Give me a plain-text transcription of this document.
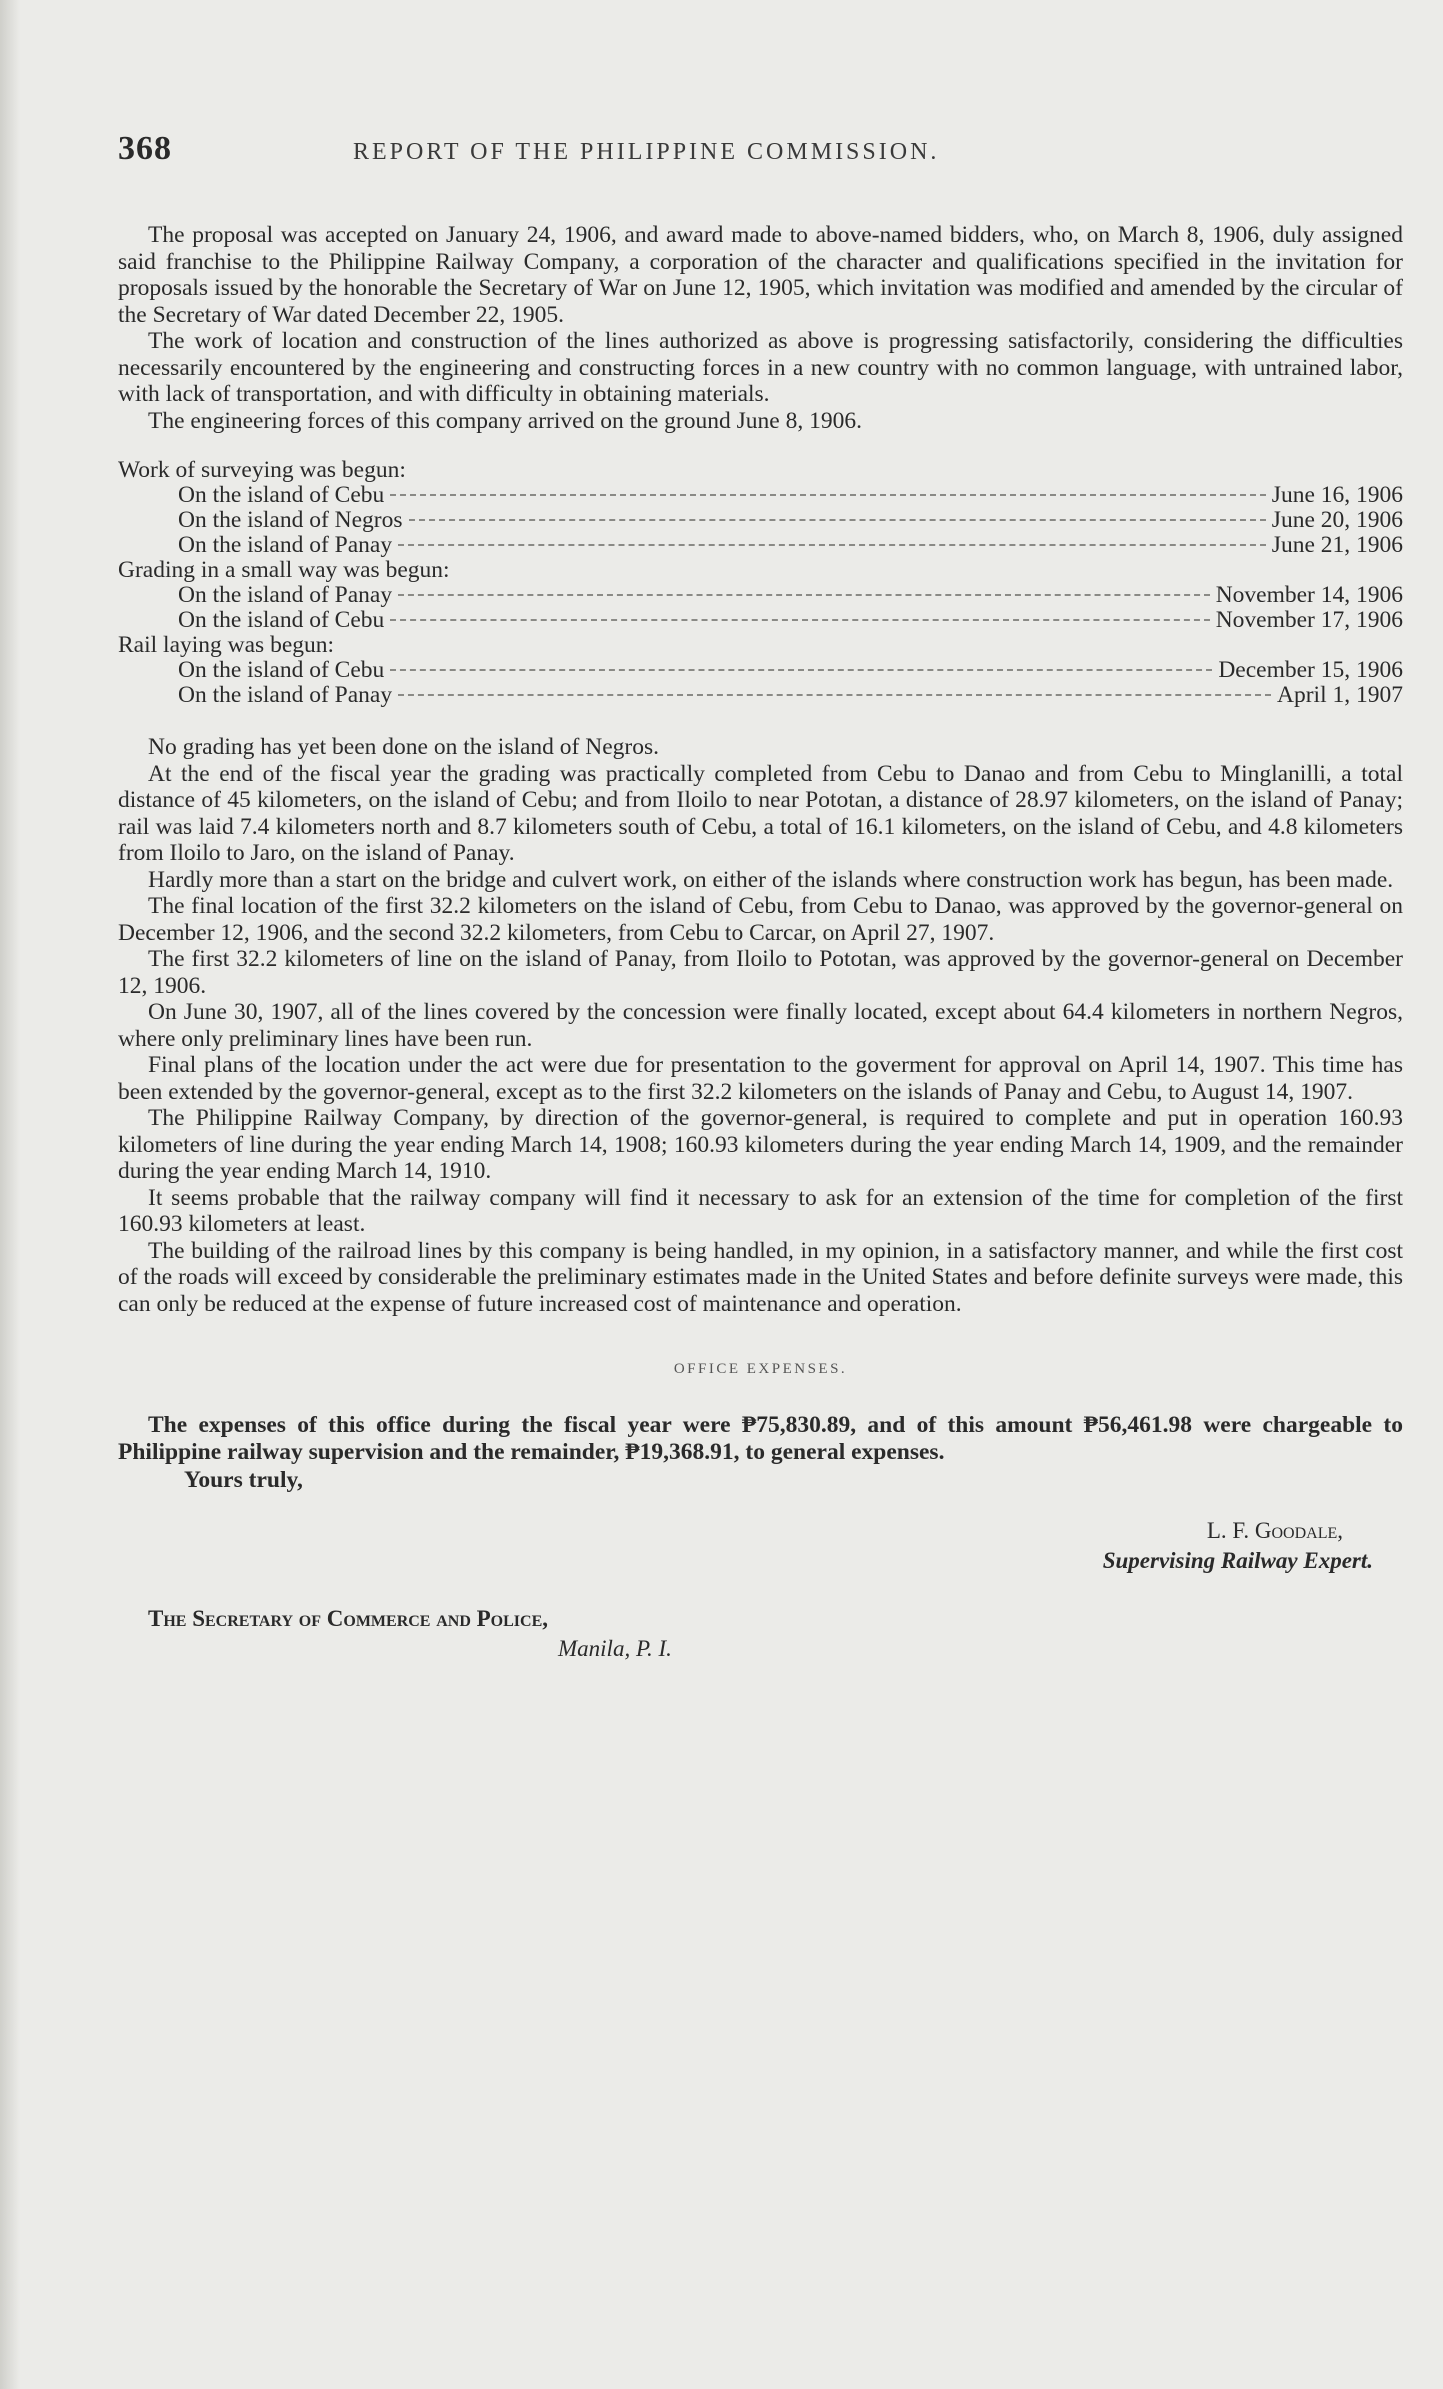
368	REPORT OF THE PHILIPPINE COMMISSION.

The proposal was accepted on January 24, 1906, and award made to above-named bidders, who, on March 8, 1906, duly assigned said franchise to the Philippine Railway Company, a corporation of the character and qualifications specified in the invitation for proposals issued by the honorable the Secretary of War on June 12, 1905, which invitation was modified and amended by the circular of the Secretary of War dated December 22, 1905.

The work of location and construction of the lines authorized as above is progressing satisfactorily, considering the difficulties necessarily encountered by the engineering and constructing forces in a new country with no common language, with untrained labor, with lack of transportation, and with difficulty in obtaining materials.

The engineering forces of this company arrived on the ground June 8, 1906.

Work of surveying was begun:
On the island of Cebu	June 16, 1906
On the island of Negros	June 20, 1906
On the island of Panay	June 21, 1906
Grading in a small way was begun:
On the island of Panay	November 14, 1906
On the island of Cebu	November 17, 1906
Rail laying was begun:
On the island of Cebu	December 15, 1906
On the island of Panay	April 1, 1907

No grading has yet been done on the island of Negros.

At the end of the fiscal year the grading was practically completed from Cebu to Danao and from Cebu to Minglanilli, a total distance of 45 kilometers, on the island of Cebu; and from Iloilo to near Pototan, a distance of 28.97 kilometers, on the island of Panay; rail was laid 7.4 kilometers north and 8.7 kilometers south of Cebu, a total of 16.1 kilometers, on the island of Cebu, and 4.8 kilometers from Iloilo to Jaro, on the island of Panay.

Hardly more than a start on the bridge and culvert work, on either of the islands where construction work has begun, has been made.

The final location of the first 32.2 kilometers on the island of Cebu, from Cebu to Danao, was approved by the governor-general on December 12, 1906, and the second 32.2 kilometers, from Cebu to Carcar, on April 27, 1907.

The first 32.2 kilometers of line on the island of Panay, from Iloilo to Pototan, was approved by the governor-general on December 12, 1906.

On June 30, 1907, all of the lines covered by the concession were finally located, except about 64.4 kilometers in northern Negros, where only preliminary lines have been run.

Final plans of the location under the act were due for presentation to the goverment for approval on April 14, 1907. This time has been extended by the governor-general, except as to the first 32.2 kilometers on the islands of Panay and Cebu, to August 14, 1907.

The Philippine Railway Company, by direction of the governor-general, is required to complete and put in operation 160.93 kilometers of line during the year ending March 14, 1908; 160.93 kilometers during the year ending March 14, 1909, and the remainder during the year ending March 14, 1910.

It seems probable that the railway company will find it necessary to ask for an extension of the time for completion of the first 160.93 kilometers at least.

The building of the railroad lines by this company is being handled, in my opinion, in a satisfactory manner, and while the first cost of the roads will exceed by considerable the preliminary estimates made in the United States and before definite surveys were made, this can only be reduced at the expense of future increased cost of maintenance and operation.

OFFICE EXPENSES.

The expenses of this office during the fiscal year were ₱75,830.89, and of this amount ₱56,461.98 were chargeable to Philippine railway supervision and the remainder, ₱19,368.91, to general expenses.

Yours truly,
L. F. Goodale,
Supervising Railway Expert.
The Secretary of Commerce and Police,
Manila, P. I.
